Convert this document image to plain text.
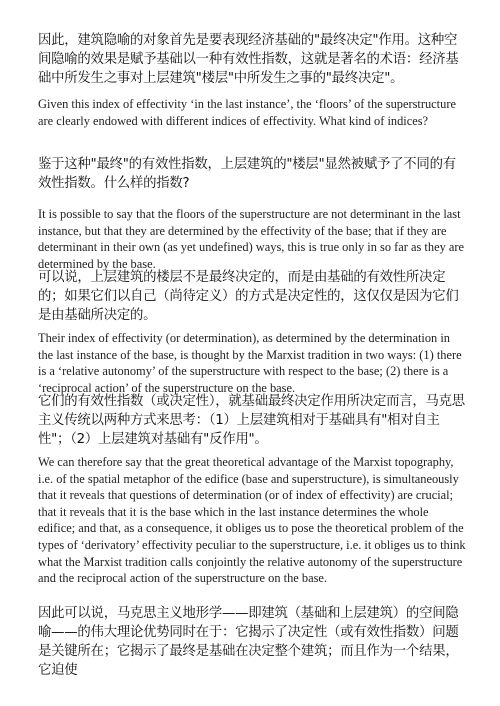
因此，建筑隐喻的对象首先是要表现经济基础的"最终决定"作用。这种空间隐喻的效果是赋予基础以一种有效性指数，这就是著名的术语：经济基础中所发生之事对上层建筑"楼层"中所发生之事的"最终决定"。

Given this index of effectivity ‘in the last instance’, the ‘floors’ of the superstructure are clearly endowed with different indices of effectivity. What kind of indices?

鉴于这种"最终"的有效性指数，上层建筑的"楼层"显然被赋予了不同的有效性指数。什么样的指数?

It is possible to say that the floors of the superstructure are not determinant in the last instance, but that they are determined by the effectivity of the base; that if they are determinant in their own (as yet undefined) ways, this is true only in so far as they are determined by the base.

可以说，上层建筑的楼层不是最终决定的，而是由基础的有效性所决定的；如果它们以自己（尚待定义）的方式是决定性的，这仅仅是因为它们是由基础所决定的。

Their index of effectivity (or determination), as determined by the determination in the last instance of the base, is thought by the Marxist tradition in two ways: (1) there is a ‘relative autonomy’ of the superstructure with respect to the base; (2) there is a ‘reciprocal action’ of the superstructure on the base.

它们的有效性指数（或决定性），就基础最终决定作用所决定而言，马克思主义传统以两种方式来思考：（1）上层建筑相对于基础具有"相对自主性"；（2）上层建筑对基础有"反作用"。

We can therefore say that the great theoretical advantage of the Marxist topography, i.e. of the spatial metaphor of the edifice (base and superstructure), is simultaneously that it reveals that questions of determination (or of index of effectivity) are crucial; that it reveals that it is the base which in the last instance determines the whole edifice; and that, as a consequence, it obliges us to pose the theoretical problem of the types of ‘derivatory’ effectivity peculiar to the superstructure, i.e. it obliges us to think what the Marxist tradition calls conjointly the relative autonomy of the superstructure and the reciprocal action of the superstructure on the base.

因此可以说，马克思主义地形学——即建筑（基础和上层建筑）的空间隐喻——的伟大理论优势同时在于：它揭示了决定性（或有效性指数）问题是关键所在；它揭示了最终是基础在决定整个建筑；而且作为一个结果，它迫使
